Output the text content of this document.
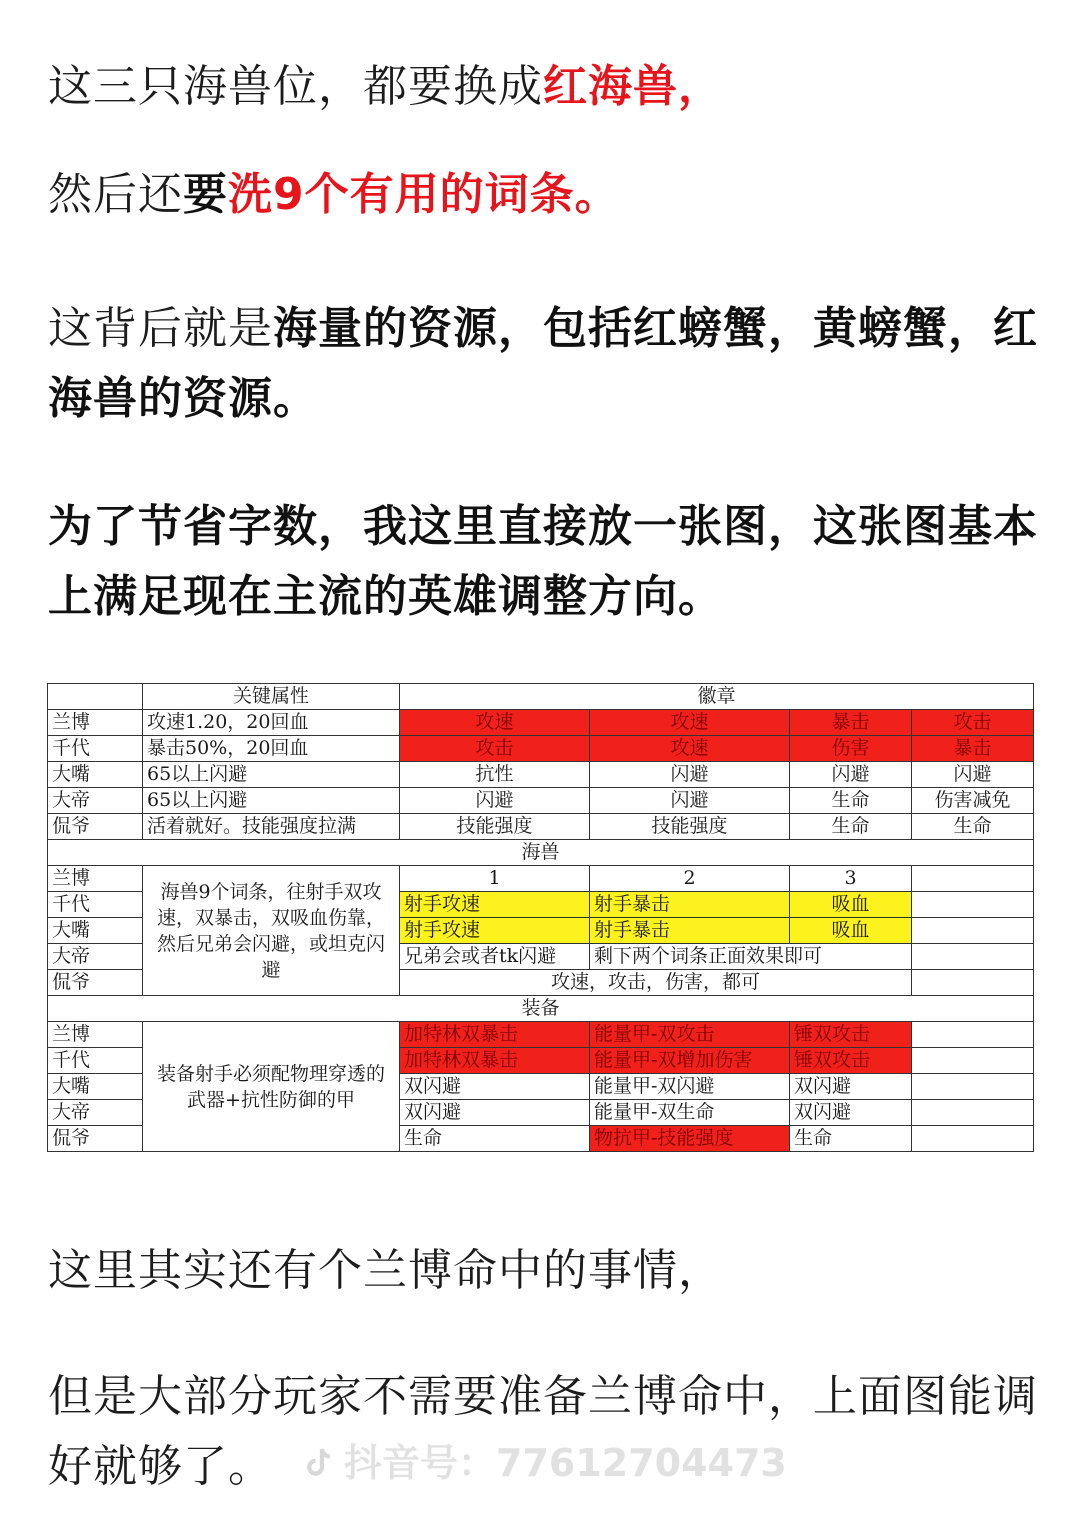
这三只海兽位，都要换成红海兽，

然后还要洗9个有用的词条。

这背后就是海量的资源，包括红螃蟹，黄螃蟹，红海兽的资源。

为了节省字数，我这里直接放一张图，这张图基本上满足现在主流的英雄调整方向。

	关键属性	徽章			
兰博	攻速1.20，20回血	攻速	攻速	暴击	攻击
千代	暴击50%，20回血	攻击	攻速	伤害	暴击
大嘴	65以上闪避	抗性	闪避	闪避	闪避
大帝	65以上闪避	闪避	闪避	生命	伤害减免
侃爷	活着就好。技能强度拉满	技能强度	技能强度	生命	生命
海兽					
兰博	海兽9个词条，往射手双攻速，双暴击，双吸血伤靠，然后兄弟会闪避，或坦克闪避	1	2	3	
千代		射手攻速	射手暴击	吸血	
大嘴		射手攻速	射手暴击	吸血	
大帝		兄弟会或者tk闪避	剩下两个词条正面效果即可		
侃爷		攻速，攻击，伤害，都可			
装备					
兰博	装备射手必须配物理穿透的武器+抗性防御的甲	加特林双暴击	能量甲-双攻击	锤双攻击	
千代		加特林双暴击	能量甲-双增加伤害	锤双攻击	
大嘴		双闪避	能量甲-双闪避	双闪避	
大帝		双闪避	能量甲-双生命	双闪避	
侃爷		生命	物抗甲-技能强度	生命	

这里其实还有个兰博命中的事情，

但是大部分玩家不需要准备兰博命中，上面图能调好就够了。	抖音号：77612704473
